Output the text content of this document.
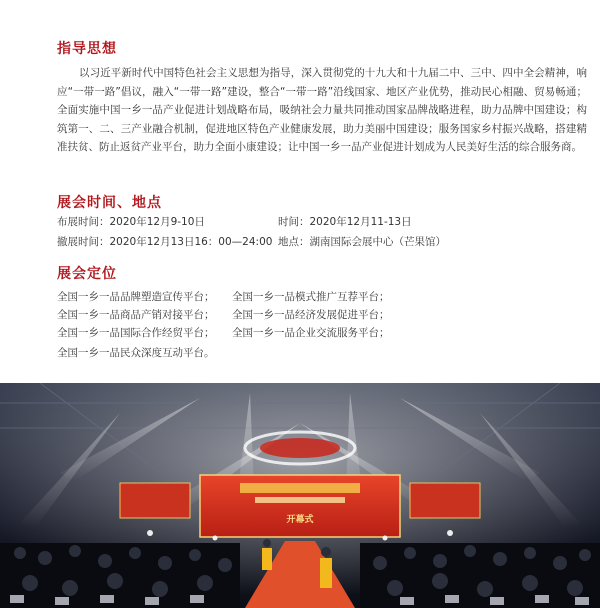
指导思想

以习近平新时代中国特色社会主义思想为指导，深入贯彻党的十九大和十九届二中、三中、四中全会精神，响应“一带一路”倡议，融入“一带一路”建设，整合“一带一路”沿线国家、地区产业优势，推动民心相融、贸易畅通；全面实施中国一乡一品产业促进计划战略布局，吸纳社会力量共同推动国家品牌战略进程，助力品牌中国建设；构筑第一、二、三产业融合机制，促进地区特色产业健康发展，助力美丽中国建设；服务国家乡村振兴战略，搭建精准扶贫、防止返贫产业平台，助力全面小康建设；让中国一乡一品产业促进计划成为人民美好生活的综合服务商。

展会时间、地点
布展时间：2020年12月9-10日	时间：2020年12月11-13日
撤展时间：2020年12月13日16：00—24:00 地点：湖南国际会展中心（芒果馆）
展会定位
全国一乡一品品牌塑造宣传平台；
全国一乡一品商品产销对接平台；
全国一乡一品国际合作经贸平台；
全国一乡一品民众深度互动平台。
全国一乡一品模式推广互荐平台；
全国一乡一品经济发展促进平台；
全国一乡一品企业交流服务平台；
开幕式
